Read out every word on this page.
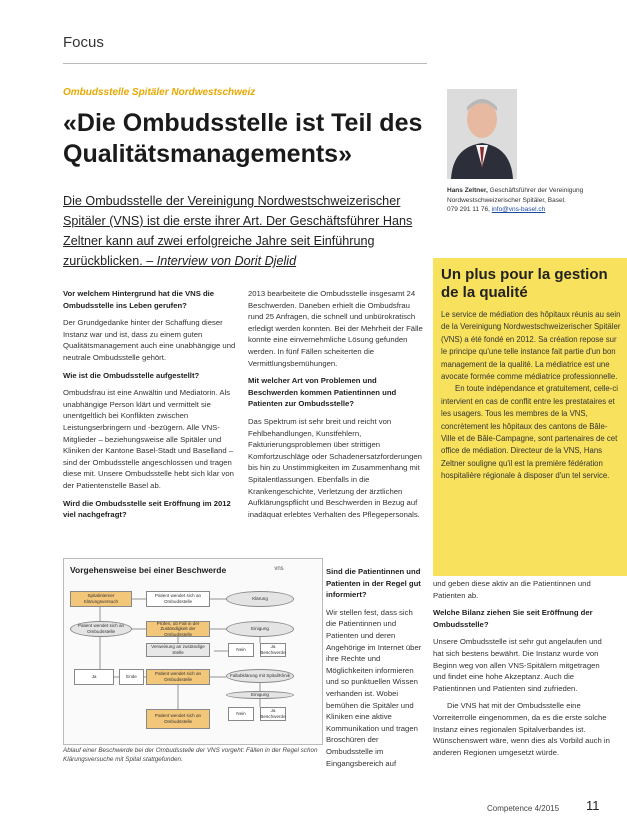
Focus
Ombudsstelle Spitäler Nordwestschweiz
«Die Ombudsstelle ist Teil des Qualitätsmanagements»
Die Ombudsstelle der Vereinigung Nordwestschweizerischer Spitäler (VNS) ist die erste ihrer Art. Der Geschäftsführer Hans Zeltner kann auf zwei erfolgreiche Jahre seit Einführung zurückblicken. – Interview von Dorit Djelid
Hans Zeltner, Geschäftsführer der Vereinigung Nordwestschweizerischer Spitäler, Basel.
079 291 11 76, info@vns-basel.ch
Un plus pour la gestion de la qualité

Le service de médiation des hôpitaux réunis au sein de la Vereinigung Nordwestschweizerischer Spitäler (VNS) a été fondé en 2012. Sa création repose sur le principe qu'une telle instance fait partie d'un bon management de la qualité. La médiatrice est une avocate formée comme médiatrice professionnelle.

En toute indépendance et gratuitement, celle-ci intervient en cas de conflit entre les prestataires et les usagers. Tous les membres de la VNS, concrètement les hôpitaux des cantons de Bâle-Ville et de Bâle-Campagne, sont partenaires de cet office de médiation. Directeur de la VNS, Hans Zeltner souligne qu'il est la première fédération hospitalière régionale à disposer d'un tel service.

Vor welchem Hintergrund hat die VNS die Ombudsstelle ins Leben gerufen?

Der Grundgedanke hinter der Schaffung dieser Instanz war und ist, dass zu einem guten Qualitätsmanagement auch eine unabhängige und neutrale Ombudsstelle gehört.

Wie ist die Ombudsstelle aufgestellt?

Ombudsfrau ist eine Anwältin und Mediatorin. Als unabhängige Person klärt und vermittelt sie unentgeltlich bei Konflikten zwischen Leistungserbringern und -bezügern. Alle VNS-Mitglieder – beziehungsweise alle Spitäler und Kliniken der Kantone Basel-Stadt und Baselland – sind der Ombudsstelle angeschlossen und tragen diese mit. Unsere Ombudsstelle hebt sich klar von der Patientenstelle Basel ab.

Wird die Ombudsstelle seit Eröffnung im 2012 viel nachgefragt?

2013 bearbeitete die Ombudsstelle insgesamt 24 Beschwerden. Daneben erhielt die Ombudsfrau rund 25 Anfragen, die schnell und unbürokratisch erledigt werden konnten. Bei der Mehrheit der Fälle konnte eine einvernehmliche Lösung gefunden werden. In fünf Fällen scheiterten die Vermittlungsbemühungen.

Mit welcher Art von Problemen und Beschwerden kommen Patientinnen und Patienten zur Ombudsstelle?

Das Spektrum ist sehr breit und reicht von Fehlbehandlungen, Kunstfehlern, Fakturierungsproblemen über strittigen Komfortzuschläge oder Schadenersatzforderungen bis hin zu Unstimmigkeiten im Zusammenhang mit Spitalentlassungen. Ebenfalls in die Krankengeschichte, Verletzung der ärztlichen Aufklärungspflicht und Beschwerden in Bezug auf inadäquat erlebtes Verhalten des Pflegepersonals.

Sind die Patientinnen und Patienten in der Regel gut informiert?

Wir stellen fest, dass sich die Patientinnen und Patienten und deren Angehörige im Internet über ihre Rechte und Möglichkeiten informieren und so punktuellen Wissen verhanden ist. Wobei bemühen die Spitäler und Kliniken eine aktive Kommunikation und tragen Broschüren der Ombudsstelle im Eingangsbereich auf

und geben diese aktiv an die Patientinnen und Patienten ab.

Welche Bilanz ziehen Sie seit Eröffnung der Ombudsstelle?

Unsere Ombudsstelle ist sehr gut angelaufen und hat sich bestens bewährt. Die Instanz wurde von Beginn weg von allen VNS-Spitälern mitgetragen und findet eine hohe Akzeptanz. Auch die Patientinnen und Patienten sind zufrieden.

Die VNS hat mit der Ombudsstelle eine Vorreiterrolle eingenommen, da es die erste solche Instanz eines regionalen Spitalverbandes ist. Wünschenswert wäre, wenn dies als Vorbild auch in anderen Regionen umgesetzt würde.

vns
Spitalinterner Klärungsversuch
Patient wendet sich an Ombudsstelle
Klärung
Patient wendet sich an Ombudsstelle
Prüfen, ob Fall in der Zuständigkeit der Ombudsstelle
Einigung
Verweisung an zuständige Stelle
Nein
Ja Beschwerde
Ja	Ende
Patient wendet sich an Ombudsstelle
Fallabklärung mit Spital/Klinik
Einigung
Nein
Ja Beschwerde
Patient wendet sich an Ombudsstelle
Vorgehensweise bei einer Beschwerde
Ablauf einer Beschwerde bei der Ombudsstelle der VNS vorgeht: Fällen in der Regel schon Klärungsversuche mit Spital stattgefunden.
Competence 4/2015 11
